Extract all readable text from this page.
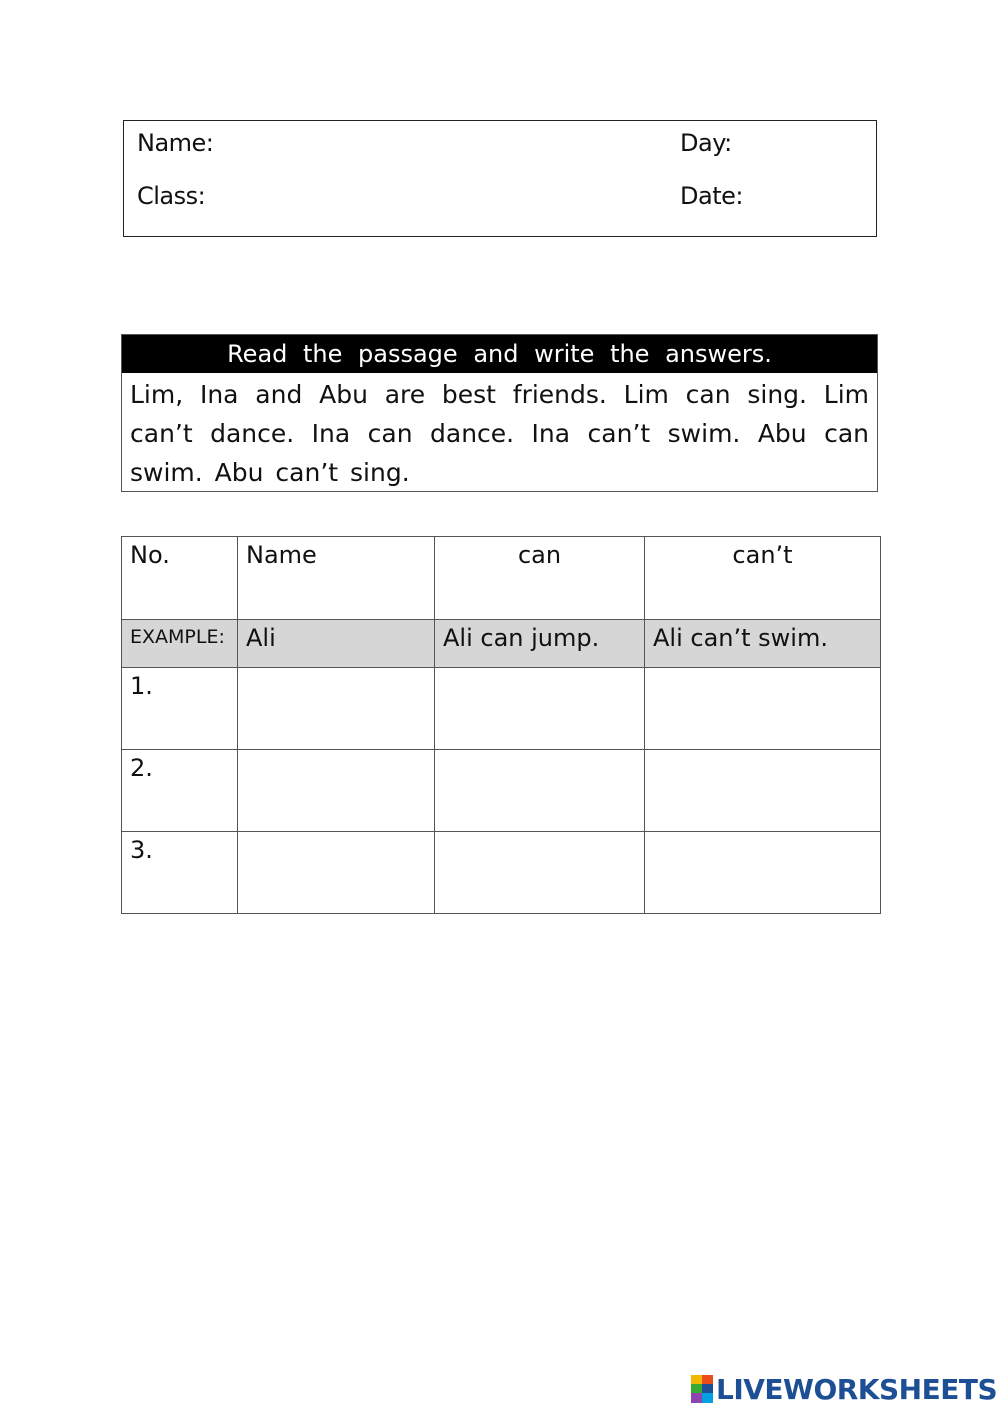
Name:
Class:
Day:
Date:
Read the passage and write the answers.
Lim, Ina and Abu are best friends. Lim can sing. Lim can’t dance. Ina can dance. Ina can’t swim. Abu can swim. Abu can’t sing.
No.	Name	can	can’t
EXAMPLE:	Ali	Ali can jump.	Ali can’t swim.
1.			
2.			
3.			
LIVEWORKSHEETS
